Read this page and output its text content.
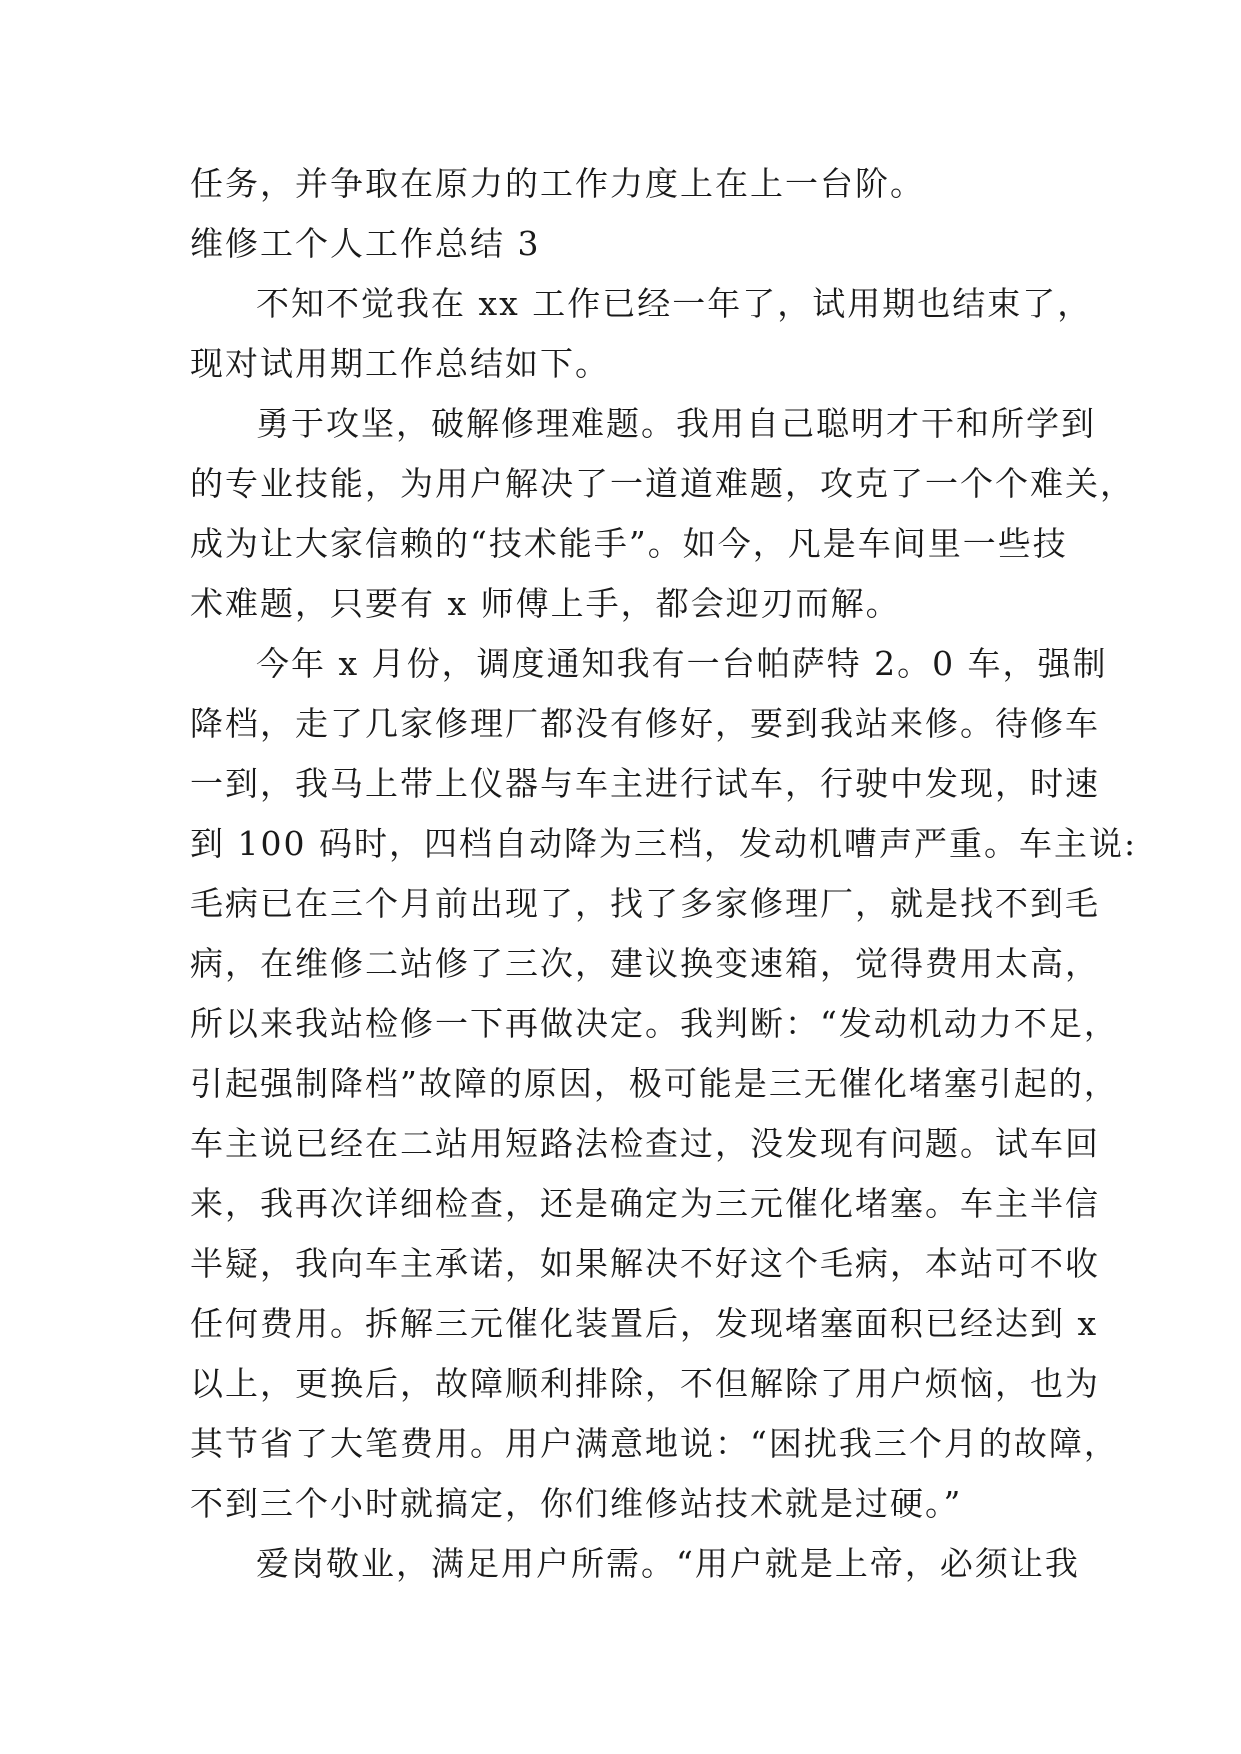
任务，并争取在原力的工作力度上在上一台阶。
维修工个人工作总结 3
不知不觉我在 xx 工作已经一年了，试用期也结束了，
现对试用期工作总结如下。
勇于攻坚，破解修理难题。我用自己聪明才干和所学到
的专业技能，为用户解决了一道道难题，攻克了一个个难关，
成为让大家信赖的“技术能手”。如今，凡是车间里一些技
术难题，只要有 x 师傅上手，都会迎刃而解。
今年 x 月份，调度通知我有一台帕萨特 2。0 车，强制
降档，走了几家修理厂都没有修好，要到我站来修。待修车
一到，我马上带上仪器与车主进行试车，行驶中发现，时速
到 100 码时，四档自动降为三档，发动机嘈声严重。车主说:
毛病已在三个月前出现了，找了多家修理厂，就是找不到毛
病，在维修二站修了三次，建议换变速箱，觉得费用太高，
所以来我站检修一下再做决定。我判断：“发动机动力不足，
引起强制降档”故障的原因，极可能是三无催化堵塞引起的，
车主说已经在二站用短路法检查过，没发现有问题。试车回
来，我再次详细检查，还是确定为三元催化堵塞。车主半信
半疑，我向车主承诺，如果解决不好这个毛病，本站可不收
任何费用。拆解三元催化装置后，发现堵塞面积已经达到 x
以上，更换后，故障顺利排除，不但解除了用户烦恼，也为
其节省了大笔费用。用户满意地说：“困扰我三个月的故障，
不到三个小时就搞定，你们维修站技术就是过硬。”
爱岗敬业，满足用户所需。“用户就是上帝，必须让我
